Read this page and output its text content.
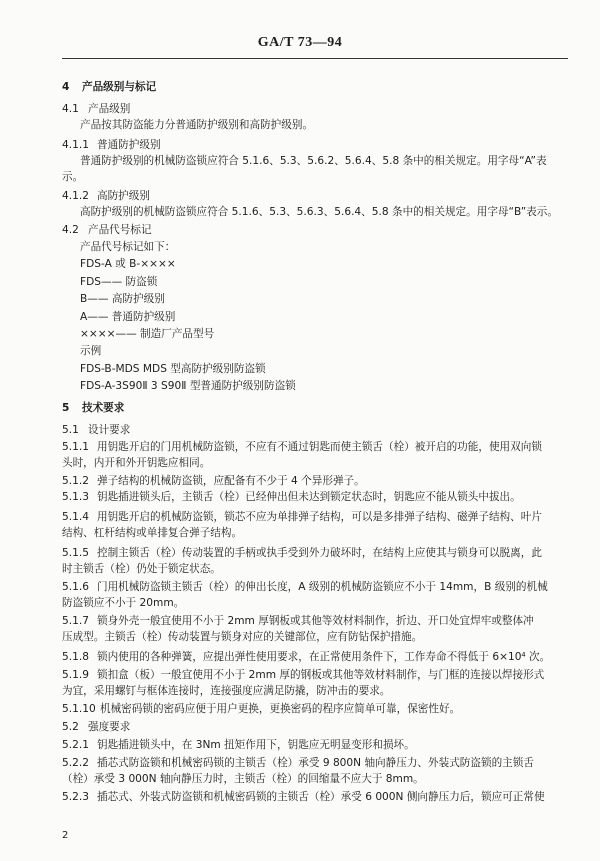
GA/T 73—94
4 产品级别与标记
4.1 产品级别
产品按其防盗能力分普通防护级别和高防护级别。
4.1.1 普通防护级别
普通防护级别的机械防盗锁应符合 5.1.6、5.3、5.6.2、5.6.4、5.8 条中的相关规定。用字母“A”表
示。
4.1.2 高防护级别
高防护级别的机械防盗锁应符合 5.1.6、5.3、5.6.3、5.6.4、5.8 条中的相关规定。用字母“B”表示。
4.2 产品代号标记
产品代号标记如下：
FDS-A 或 B-××××
FDS—— 防盗锁
B—— 高防护级别
A—— 普通防护级别
××××—— 制造厂产品型号
示例
FDS-B-MDS MDS 型高防护级别防盗锁
FDS-A-3S90Ⅱ 3 S90Ⅱ 型普通防护级别防盗锁
5 技术要求
5.1 设计要求
5.1.1 用钥匙开启的门用机械防盗锁，不应有不通过钥匙而使主锁舌（栓）被开启的功能，使用双向锁
头时，内开和外开钥匙应相同。
5.1.2 弹子结构的机械防盗锁，应配备有不少于 4 个异形弹子。
5.1.3 钥匙插进锁头后，主锁舌（栓）已经伸出但未达到锁定状态时，钥匙应不能从锁头中拔出。
5.1.4 用钥匙开启的机械防盗锁，锁芯不应为单排弹子结构，可以是多排弹子结构、磁弹子结构、叶片
结构、杠杆结构或单排复合弹子结构。
5.1.5 控制主锁舌（栓）传动装置的手柄或执手受到外力破坏时，在结构上应使其与锁身可以脱离，此
时主锁舌（栓）仍处于锁定状态。
5.1.6 门用机械防盗锁主锁舌（栓）的伸出长度，A 级别的机械防盗锁应不小于 14mm，B 级别的机械
防盗锁应不小于 20mm。
5.1.7 锁身外壳一般宜使用不小于 2mm 厚钢板或其他等效材料制作，折边、开口处宜焊牢或整体冲
压成型。主锁舌（栓）传动装置与锁身对应的关键部位，应有防钻保护措施。
5.1.8 锁内使用的各种弹簧，应提出弹性使用要求，在正常使用条件下，工作寿命不得低于 6×10⁴ 次。
5.1.9 锁扣盒（板）一般宜使用不小于 2mm 厚的钢板或其他等效材料制作，与门框的连接以焊接形式
为宜，采用螺钉与框体连接时，连接强度应满足防撬，防冲击的要求。
5.1.10 机械密码锁的密码应便于用户更换，更换密码的程序应简单可靠，保密性好。
5.2 强度要求
5.2.1 钥匙插进锁头中，在 3Nm 扭矩作用下，钥匙应无明显变形和损坏。
5.2.2 插芯式防盗锁和机械密码锁的主锁舌（栓）承受 9 800N 轴向静压力、外装式防盗锁的主锁舌
（栓）承受 3 000N 轴向静压力时，主锁舌（栓）的回缩量不应大于 8mm。
5.2.3 插芯式、外装式防盗锁和机械密码锁的主锁舌（栓）承受 6 000N 侧向静压力后，锁应可正常使
2
